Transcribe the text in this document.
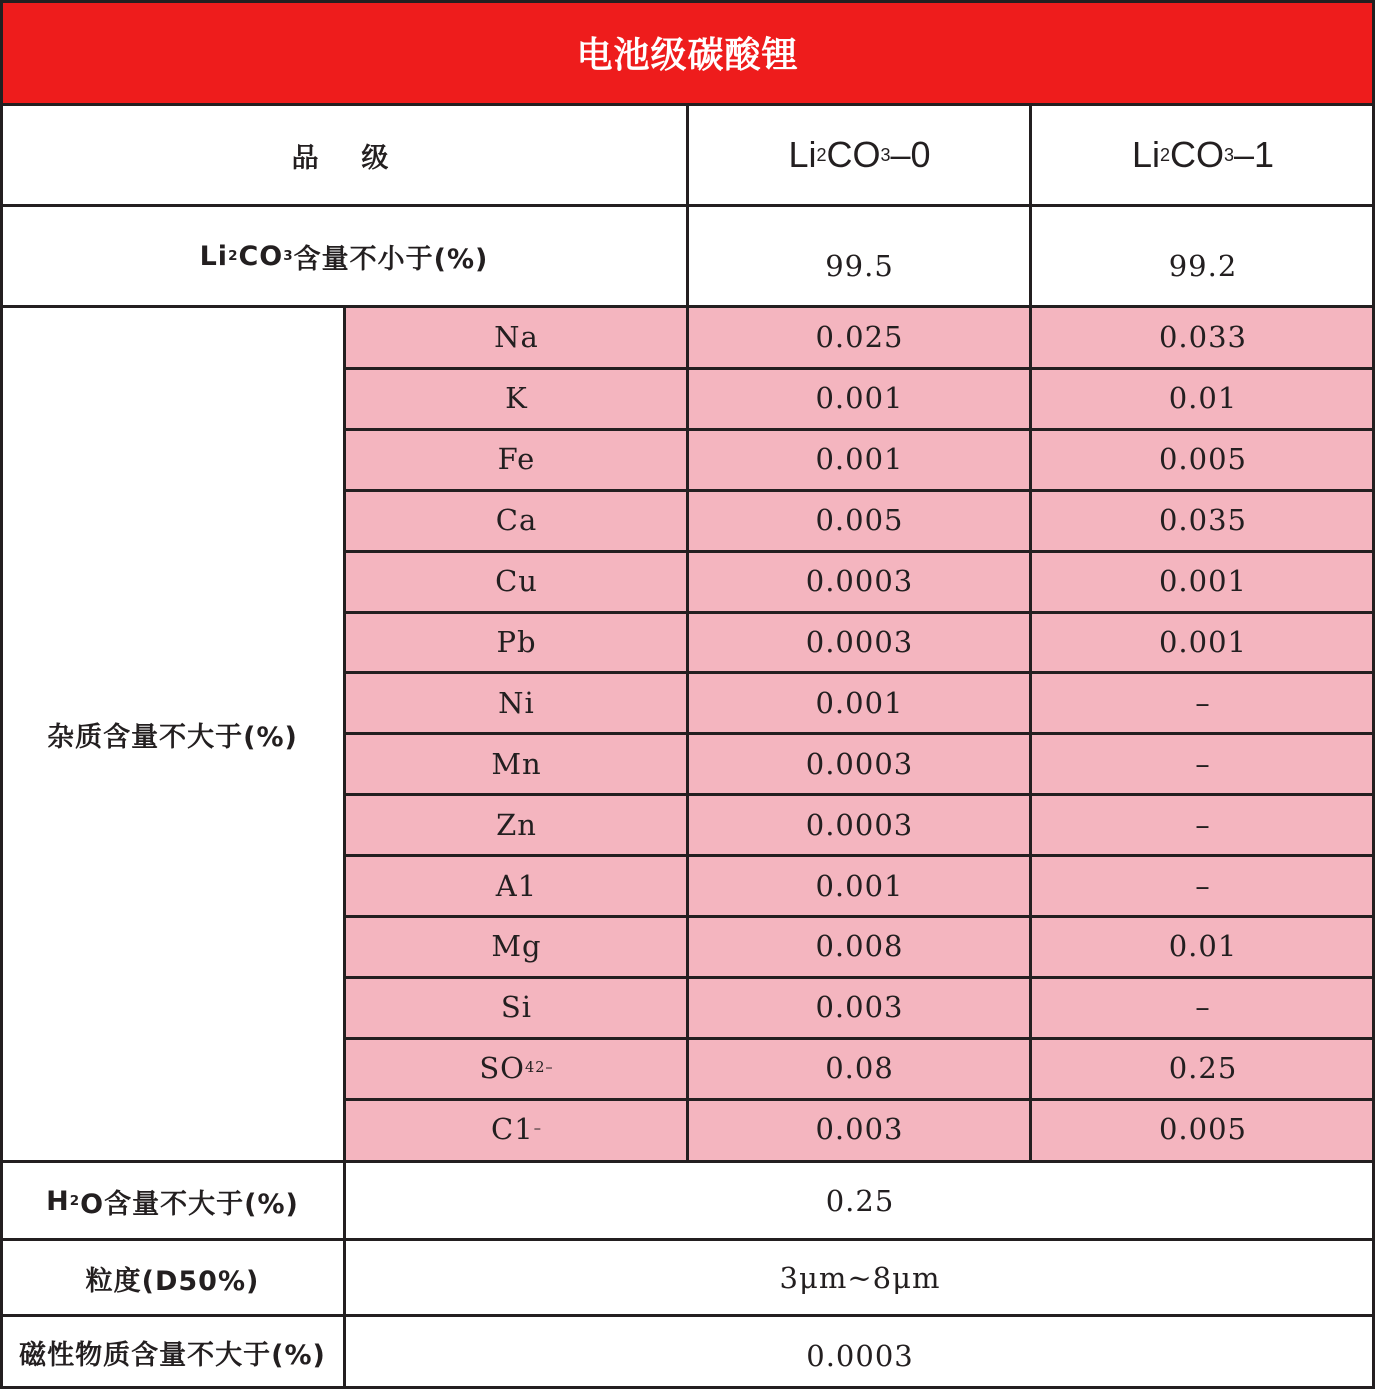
电池级碳酸锂
品  级	Li 2 CO 3 –0	Li 2 CO 3 –1
Li 2 CO 3 含量不小于(%)	99.5	99.2
杂质含量不大于(%)
Na	0.025	0.033
K	0.001	0.01
Fe	0.001	0.005
Ca	0.005	0.035
Cu	0.0003	0.001
Pb	0.0003	0.001
Ni	0.001	–
Mn	0.0003	–
Zn	0.0003	–
A1	0.001	–
Mg	0.008	0.01
Si	0.003	–
SO 4 2–	0.08	0.25
C1 –	0.003	0.005
H 2 O含量不大于(%)	0.25
粒度(D50%)	3μm~8μm
磁性物质含量不大于(%)	0.0003
